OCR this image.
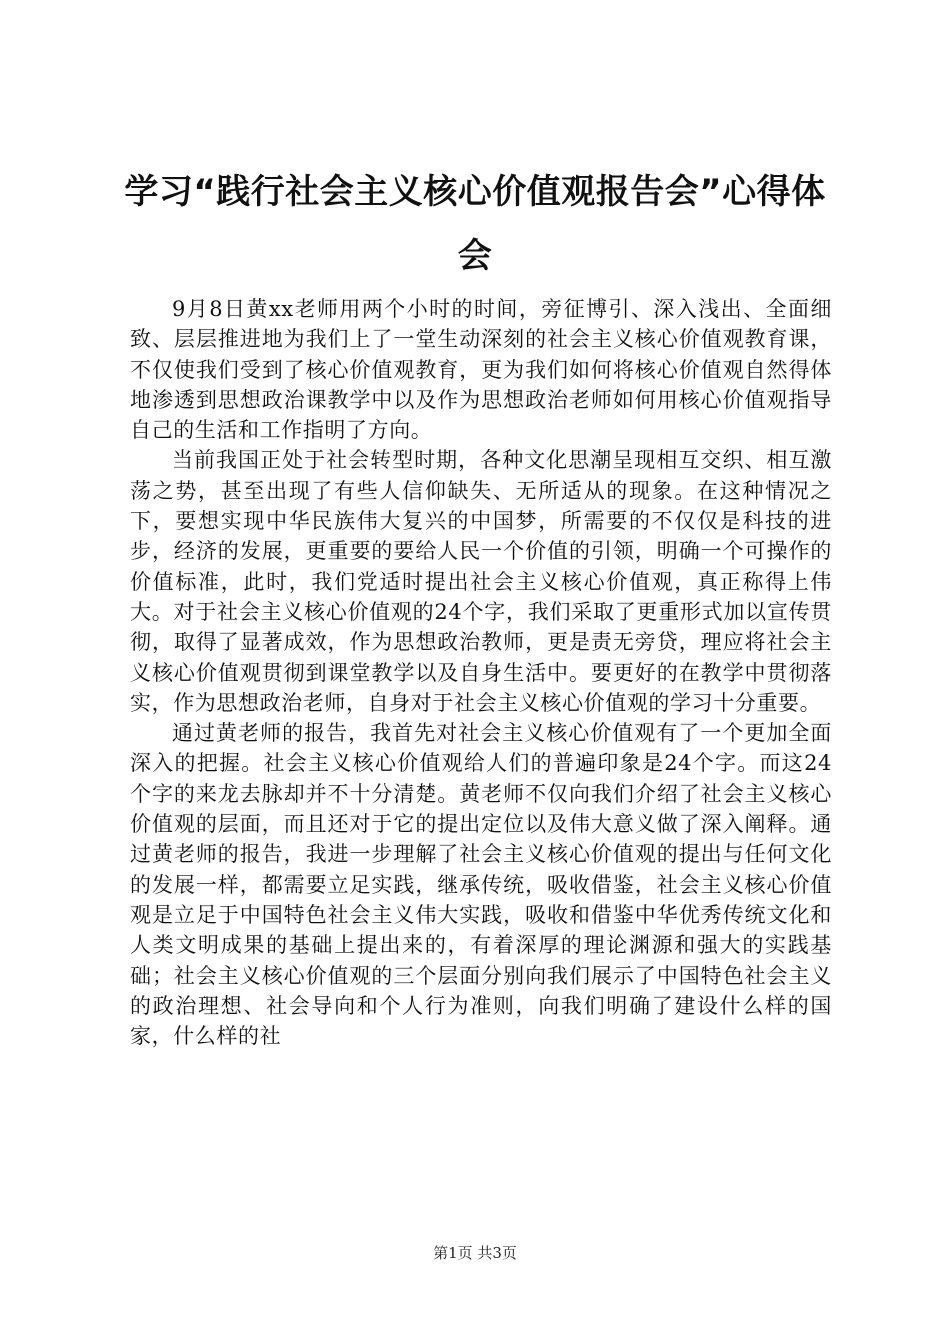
学习“践行社会主义核心价值观报告会”心得体会

9月8日黄xx老师用两个小时的时间，旁征博引、深入浅出、全面细致、层层推进地为我们上了一堂生动深刻的社会主义核心价值观教育课，不仅使我们受到了核心价值观教育，更为我们如何将核心价值观自然得体地渗透到思想政治课教学中以及作为思想政治老师如何用核心价值观指导自己的生活和工作指明了方向。

当前我国正处于社会转型时期，各种文化思潮呈现相互交织、相互激荡之势，甚至出现了有些人信仰缺失、无所适从的现象。在这种情况之下，要想实现中华民族伟大复兴的中国梦，所需要的不仅仅是科技的进步，经济的发展，更重要的要给人民一个价值的引领，明确一个可操作的价值标准，此时，我们党适时提出社会主义核心价值观，真正称得上伟大。对于社会主义核心价值观的24个字，我们采取了更重形式加以宣传贯彻，取得了显著成效，作为思想政治教师，更是责无旁贷，理应将社会主义核心价值观贯彻到课堂教学以及自身生活中。要更好的在教学中贯彻落实，作为思想政治老师，自身对于社会主义核心价值观的学习十分重要。

通过黄老师的报告，我首先对社会主义核心价值观有了一个更加全面深入的把握。社会主义核心价值观给人们的普遍印象是24个字。而这24个字的来龙去脉却并不十分清楚。黄老师不仅向我们介绍了社会主义核心价值观的层面，而且还对于它的提出定位以及伟大意义做了深入阐释。通过黄老师的报告，我进一步理解了社会主义核心价值观的提出与任何文化的发展一样，都需要立足实践，继承传统，吸收借鉴，社会主义核心价值观是立足于中国特色社会主义伟大实践，吸收和借鉴中华优秀传统文化和人类文明成果的基础上提出来的，有着深厚的理论渊源和强大的实践基础；社会主义核心价值观的三个层面分别向我们展示了中国特色社会主义的政治理想、社会导向和个人行为准则，向我们明确了建设什么样的国家，什么样的社

第1页 共3页
